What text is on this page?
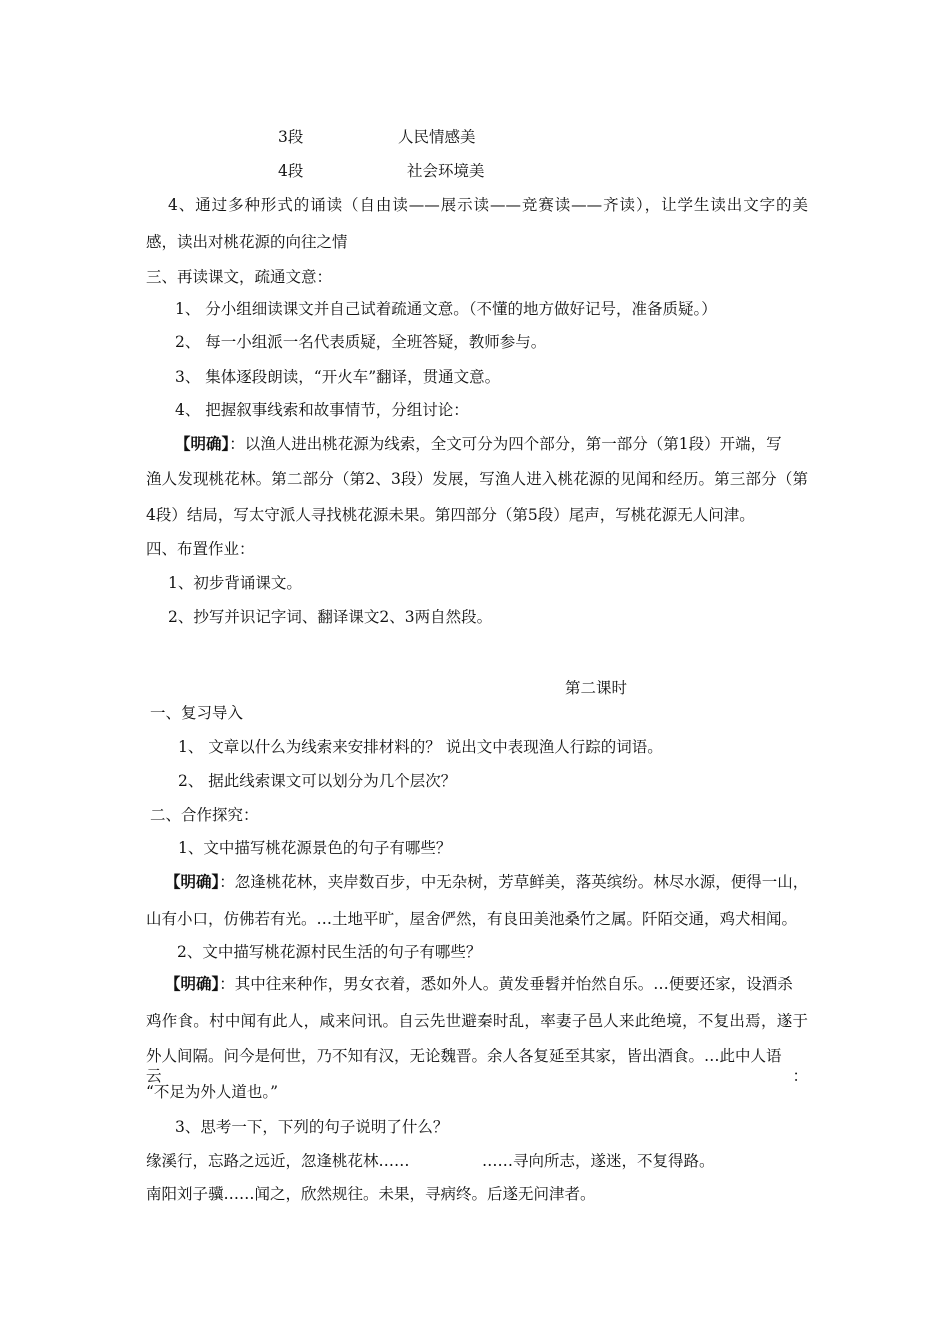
3段	人民情感美
4段	社会环境美
4、通过多种形式的诵读（自由读——展示读——竞赛读——齐读），让学生读出文字的美
感，读出对桃花源的向往之情
三、再读课文，疏通文意：
1、 分小组细读课文并自己试着疏通文意。（不懂的地方做好记号，准备质疑。）
2、 每一小组派一名代表质疑，全班答疑，教师参与。
3、 集体逐段朗读，“开火车”翻译，贯通文意。
4、 把握叙事线索和故事情节，分组讨论：
【明确】：以渔人进出桃花源为线索，全文可分为四个部分，第一部分（第1段）开端，写
渔人发现桃花林。第二部分（第2、3段）发展，写渔人进入桃花源的见闻和经历。第三部分（第
4段）结局，写太守派人寻找桃花源未果。第四部分（第5段）尾声，写桃花源无人问津。
四、布置作业：
1、初步背诵课文。
2、抄写并识记字词、翻译课文2、3两自然段。
第二课时
一、复习导入
1、 文章以什么为线索来安排材料的？ 说出文中表现渔人行踪的词语。
2、 据此线索课文可以划分为几个层次？
二、合作探究：
1、文中描写桃花源景色的句子有哪些？
【明确】：忽逢桃花林，夹岸数百步，中无杂树，芳草鲜美，落英缤纷。林尽水源，便得一山，
山有小口，仿佛若有光。…土地平旷，屋舍俨然，有良田美池桑竹之属。阡陌交通，鸡犬相闻。
2、文中描写桃花源村民生活的句子有哪些？
【明确】：其中往来种作，男女衣着，悉如外人。黄发垂髫并怡然自乐。…便要还家，设酒杀
鸡作食。村中闻有此人，咸来问讯。自云先世避秦时乱，率妻子邑人来此绝境，不复出焉，遂于
外人间隔。问今是何世，乃不知有汉，无论魏晋。余人各复延至其家，皆出酒食。…此中人语云：
“不足为外人道也。”
3、思考一下，下列的句子说明了什么？
缘溪行，忘路之远近，忽逢桃花林……	……寻向所志，遂迷，不复得路。
南阳刘子骥……闻之，欣然规往。未果，寻病终。后遂无问津者。
